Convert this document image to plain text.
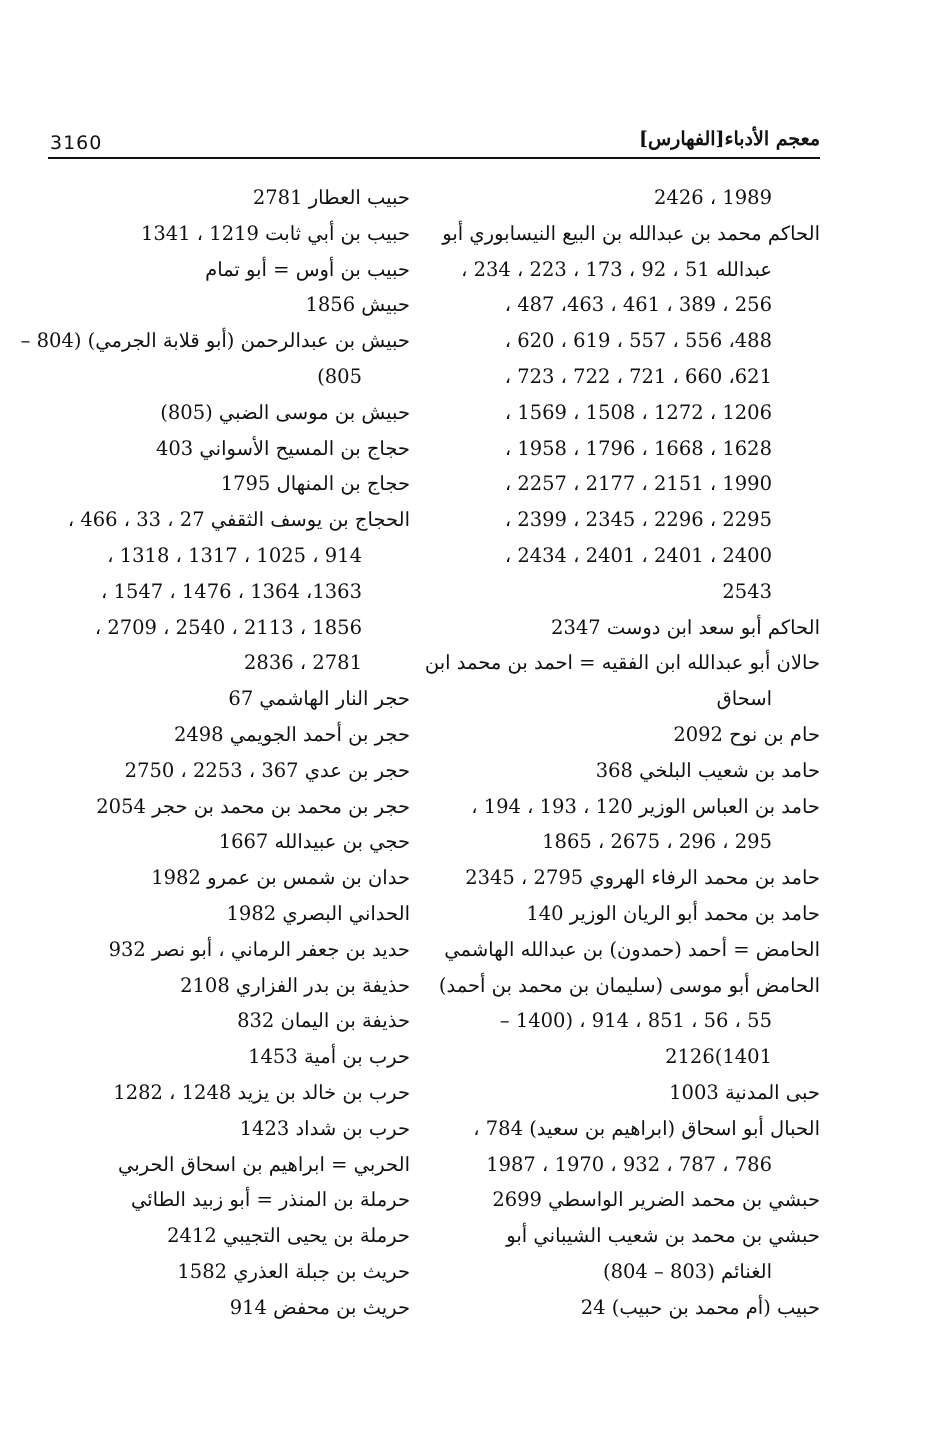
3160	معجم الأدباء[الفهارس]
1989 ، 2426
الحاكم محمد بن عبدالله بن البيع النيسابوري أبو
عبدالله 51 ، 92 ، 173 ، 223 ، 234 ،
256 ، 389 ، 461 ، 463، 487 ،
488، 556 ، 557 ، 619 ، 620 ،
621، 660 ، 721 ، 722 ، 723 ،
1206 ، 1272 ، 1508 ، 1569 ،
1628 ، 1668 ، 1796 ، 1958 ،
1990 ، 2151 ، 2177 ، 2257 ،
2295 ، 2296 ، 2345 ، 2399 ،
2400 ، 2401 ، 2401 ، 2434 ،
2543
الحاكم أبو سعد ابن دوست 2347
حالان أبو عبدالله ابن الفقيه = احمد بن محمد ابن
اسحاق
حام بن نوح 2092
حامد بن شعيب البلخي 368
حامد بن العباس الوزير 120 ، 193 ، 194 ،
295 ، 296 ، 2675 ، 1865
حامد بن محمد الرفاء الهروي 2795 ، 2345
حامد بن محمد أبو الريان الوزير 140
الحامض = أحمد (حمدون) بن عبدالله الهاشمي
الحامض أبو موسى (سليمان بن محمد بن أحمد)
55 ، 56 ، 851 ، 914 ، (1400 –
1401)2126
حبى المدنية 1003
الحبال أبو اسحاق (ابراهيم بن سعيد) 784 ،
786 ، 787 ، 932 ، 1970 ، 1987
حبشي بن محمد الضرير الواسطي 2699
حبشي بن محمد بن شعيب الشيباني أبو
الغنائم (803 – 804)
حبيب (أم محمد بن حبيب) 24
حبيب العطار 2781
حبيب بن أبي ثابت 1219 ، 1341
حبيب بن أوس = أبو تمام
حبيش 1856
حبيش بن عبدالرحمن (أبو قلابة الجرمي) (804 –
805)
حبيش بن موسى الضبي (805)
حجاج بن المسيح الأسواني 403
حجاج بن المنهال 1795
الحجاج بن يوسف الثقفي 27 ، 33 ، 466 ،
914 ، 1025 ، 1317 ، 1318 ،
1363، 1364 ، 1476 ، 1547 ،
1856 ، 2113 ، 2540 ، 2709 ،
2781 ، 2836
حجر النار الهاشمي 67
حجر بن أحمد الجويمي 2498
حجر بن عدي 367 ، 2253 ، 2750
حجر بن محمد بن محمد بن حجر 2054
حجي بن عبيدالله 1667
حدان بن شمس بن عمرو 1982
الحداني البصري 1982
حديد بن جعفر الرماني ، أبو نصر 932
حذيفة بن بدر الفزاري 2108
حذيفة بن اليمان 832
حرب بن أمية 1453
حرب بن خالد بن يزيد 1248 ، 1282
حرب بن شداد 1423
الحربي = ابراهيم بن اسحاق الحربي
حرملة بن المنذر = أبو زبيد الطائي
حرملة بن يحيى التجيبي 2412
حريث بن جبلة العذري 1582
حريث بن محفض 914
